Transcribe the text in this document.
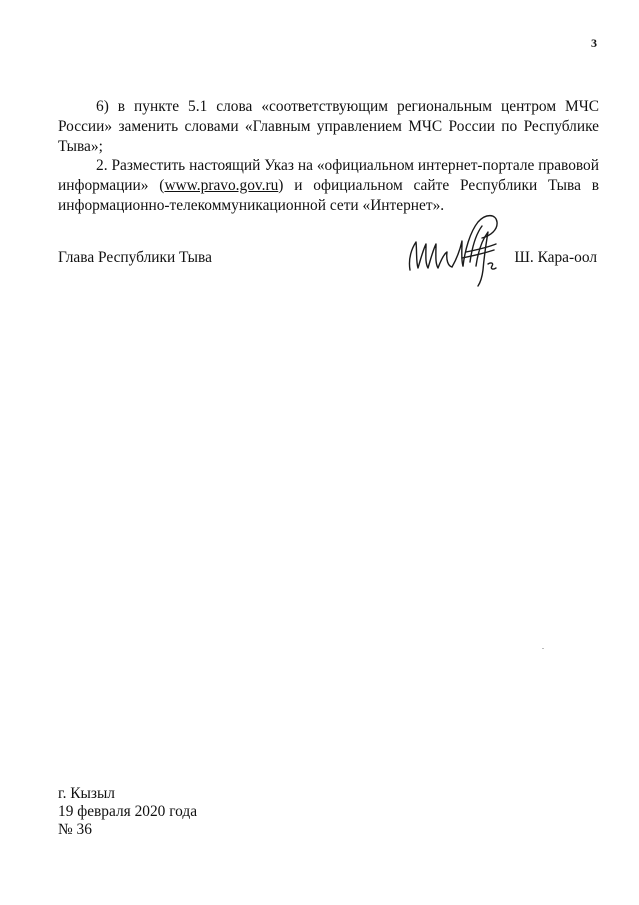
3

6) в пункте 5.1 слова «соответствующим региональным центром МЧС России» заменить словами «Главным управлением МЧС России по Республике Тыва»;

2. Разместить настоящий Указ на «официальном интернет-портале правовой информации» (www.pravo.gov.ru) и официальном сайте Республики Тыва в информационно-телекоммуникационной сети «Интернет».

Глава Республики Тыва	Ш. Кара-оол
г. Кызыл
19 февраля 2020 года
№ 36
